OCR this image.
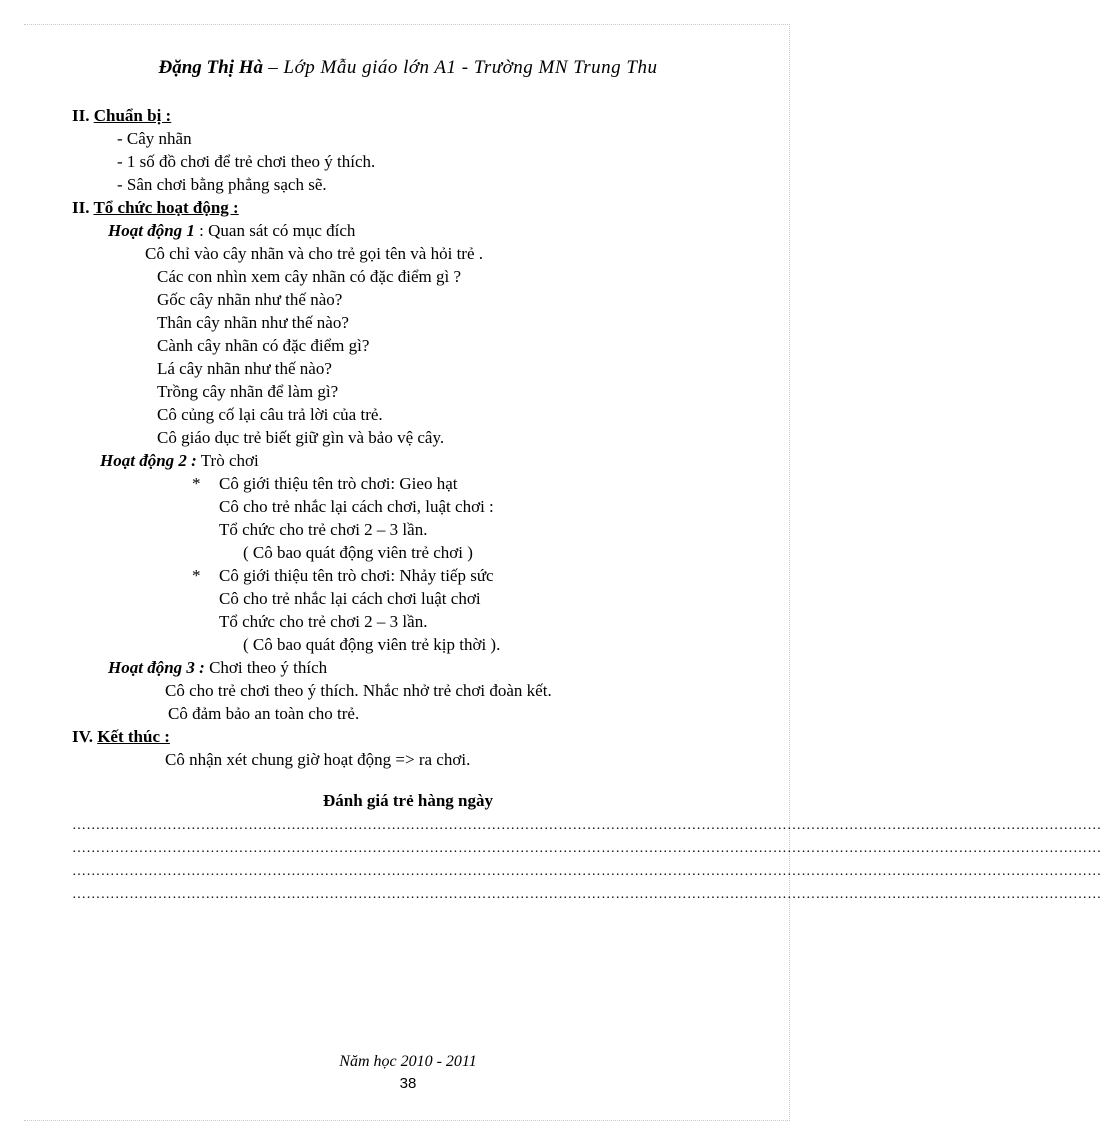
Đặng Thị Hà – Lớp Mẫu giáo lớn A1 - Trường MN Trung Thu
II. Chuẩn bị :
- Cây nhãn
- 1 số đồ chơi để trẻ chơi theo ý thích.
- Sân chơi bằng phẳng sạch sẽ.
II. Tổ chức hoạt động :
Hoạt động 1 : Quan sát có mục đích
Cô chỉ vào cây nhãn và cho trẻ gọi tên và hỏi trẻ .
Các con nhìn xem cây nhãn có đặc điểm gì ?
Gốc cây nhãn như thế nào?
Thân cây nhãn như thế nào?
Cành cây nhãn có đặc điểm gì?
Lá cây nhãn như thế nào?
Trồng cây nhãn để làm gì?
Cô củng cố lại câu trả lời của trẻ.
Cô giáo dục trẻ biết giữ gìn và bảo vệ cây.
Hoạt động 2 : Trò chơi
* Cô giới thiệu tên trò chơi: Gieo hạt
Cô cho trẻ nhắc lại cách chơi, luật chơi :
Tổ chức cho trẻ chơi 2 – 3 lần.
( Cô bao quát động viên trẻ chơi )
* Cô giới thiệu tên trò chơi: Nhảy tiếp sức
Cô cho trẻ nhắc lại cách chơi luật chơi
Tổ chức cho trẻ chơi 2 – 3 lần.
( Cô bao quát động viên trẻ kịp thời ).
Hoạt động 3 : Chơi theo ý thích
Cô cho trẻ chơi theo ý thích. Nhắc nhở trẻ chơi đoàn kết.
Cô đảm bảo an toàn cho trẻ.
IV. Kết thúc :
Cô nhận xét chung giờ hoạt động => ra chơi.
Đánh giá trẻ hàng ngày
………………………………………………………………………………………………………………………………………………………………………………………………
………………………………………………………………………………………………………………………………………………………………………………………………
………………………………………………………………………………………………………………………………………………………………………………………………
………………………………………………………………………………………………………………………………………………………………………………………………
Năm học 2010 - 2011
38
